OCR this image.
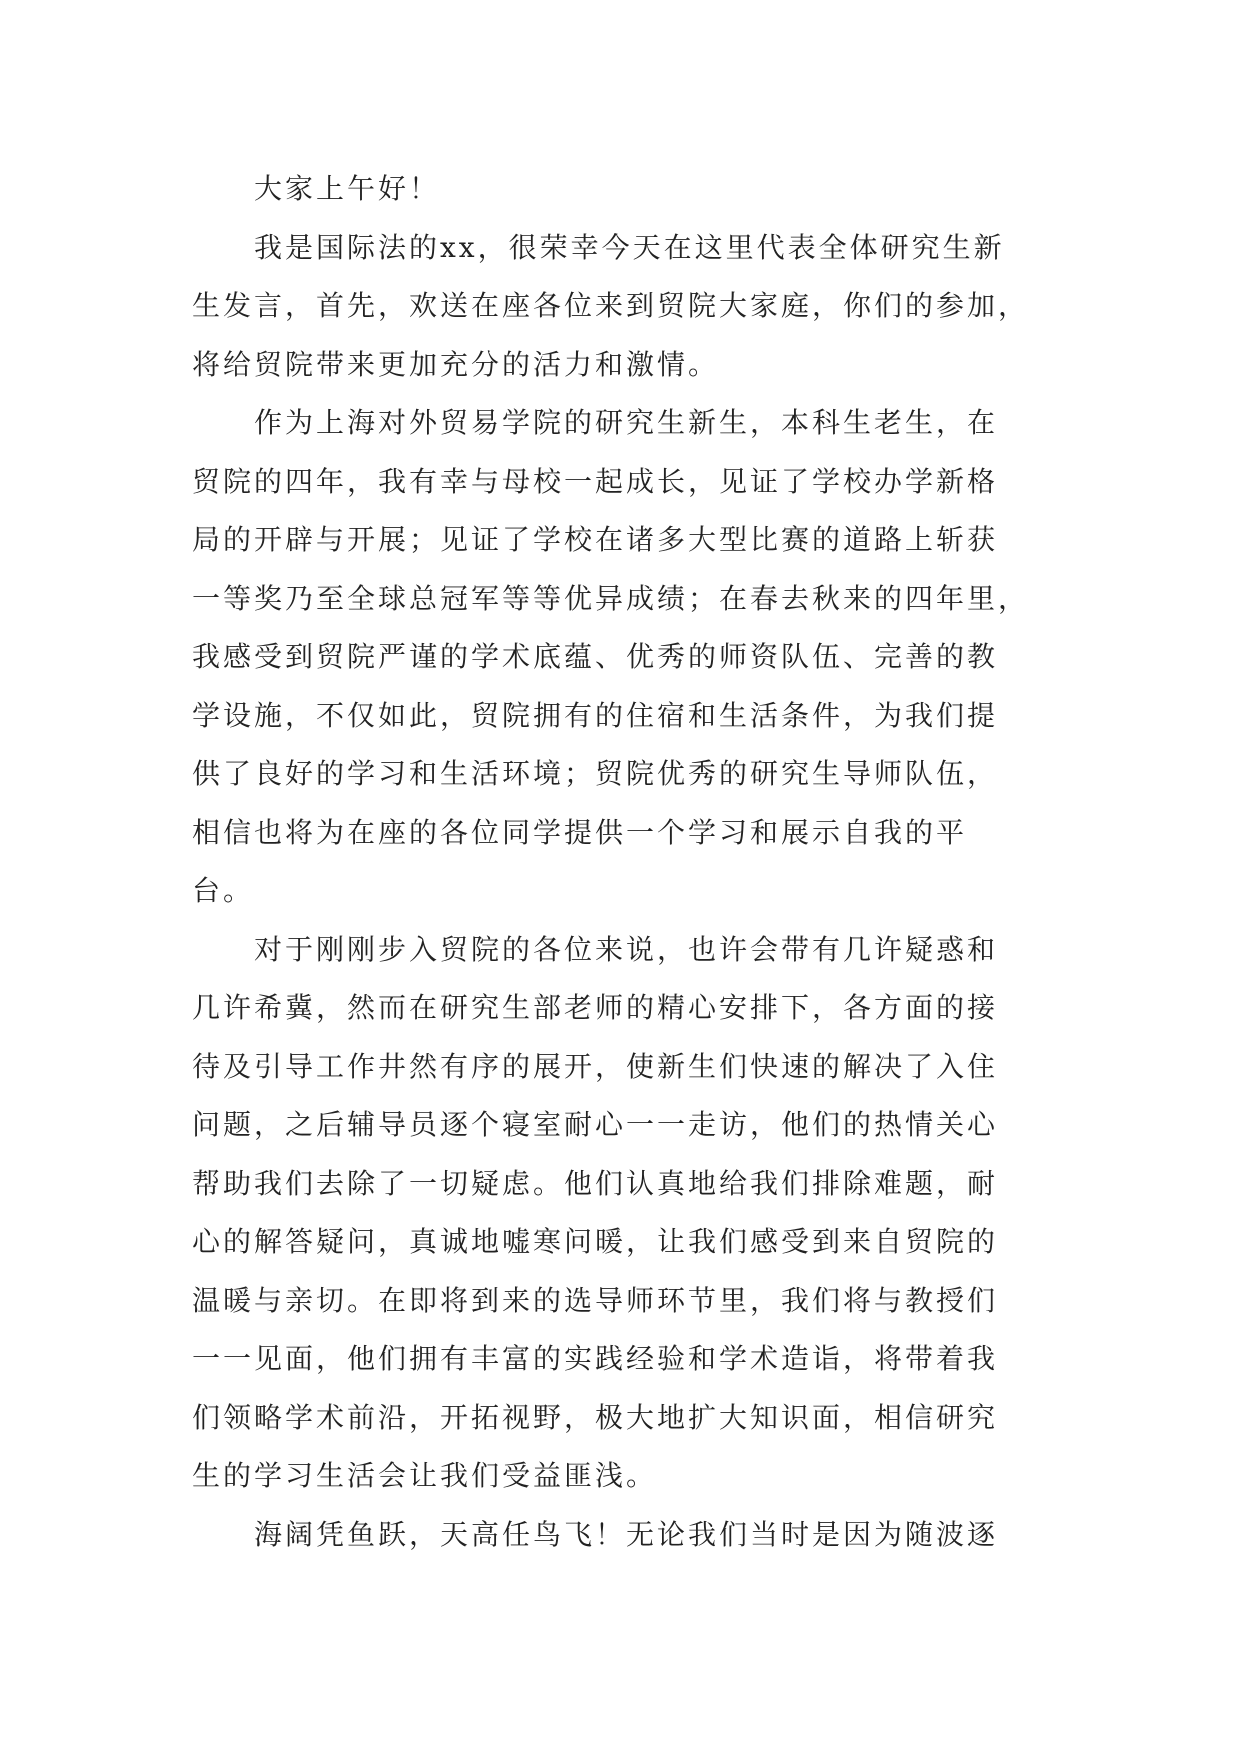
大家上午好！
我是国际法的xx，很荣幸今天在这里代表全体研究生新
生发言，首先，欢送在座各位来到贸院大家庭，你们的参加，
将给贸院带来更加充分的活力和激情。
作为上海对外贸易学院的研究生新生，本科生老生，在
贸院的四年，我有幸与母校一起成长，见证了学校办学新格
局的开辟与开展；见证了学校在诸多大型比赛的道路上斩获
一等奖乃至全球总冠军等等优异成绩；在春去秋来的四年里，
我感受到贸院严谨的学术底蕴、优秀的师资队伍、完善的教
学设施，不仅如此，贸院拥有的住宿和生活条件，为我们提
供了良好的学习和生活环境；贸院优秀的研究生导师队伍，
相信也将为在座的各位同学提供一个学习和展示自我的平
台。
对于刚刚步入贸院的各位来说，也许会带有几许疑惑和
几许希冀，然而在研究生部老师的精心安排下，各方面的接
待及引导工作井然有序的展开，使新生们快速的解决了入住
问题，之后辅导员逐个寝室耐心一一走访，他们的热情关心
帮助我们去除了一切疑虑。他们认真地给我们排除难题，耐
心的解答疑问，真诚地嘘寒问暖，让我们感受到来自贸院的
温暖与亲切。在即将到来的选导师环节里，我们将与教授们
一一见面，他们拥有丰富的实践经验和学术造诣，将带着我
们领略学术前沿，开拓视野，极大地扩大知识面，相信研究
生的学习生活会让我们受益匪浅。
海阔凭鱼跃，天高任鸟飞！无论我们当时是因为随波逐
